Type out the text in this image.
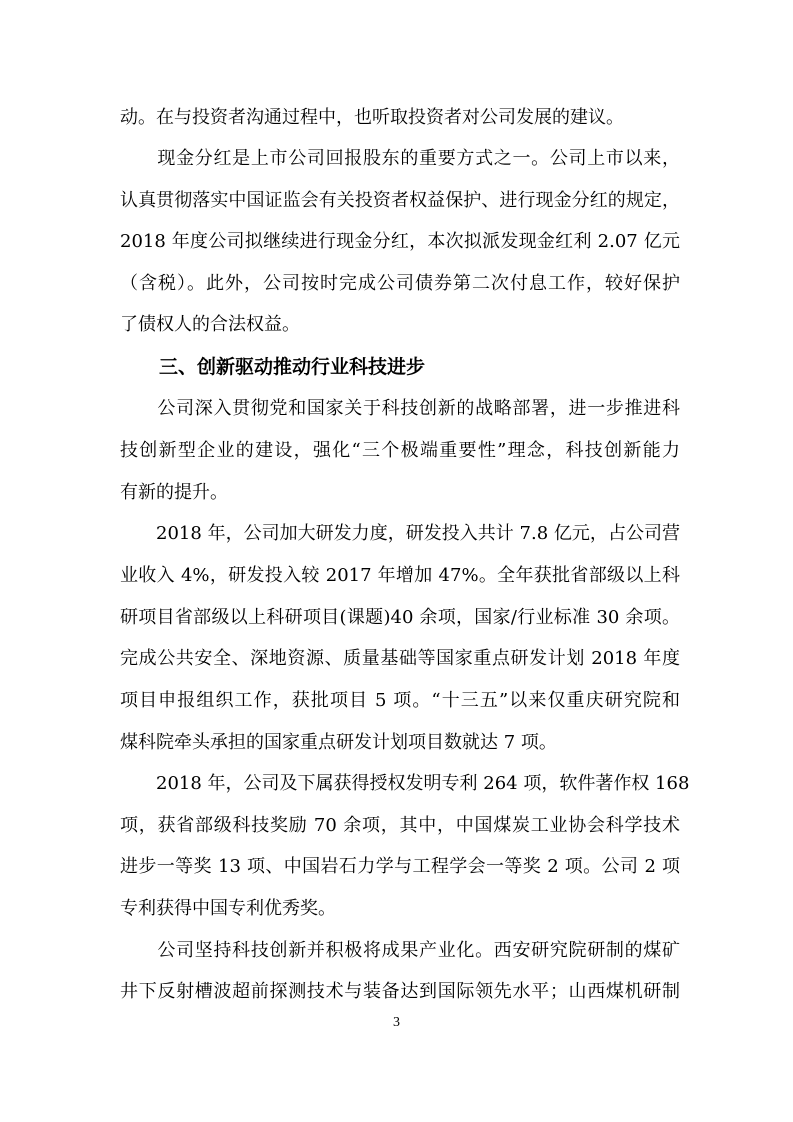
动。在与投资者沟通过程中，也听取投资者对公司发展的建议。
　　现金分红是上市公司回报股东的重要方式之一。公司上市以来，
认真贯彻落实中国证监会有关投资者权益保护、进行现金分红的规定，
2018 年度公司拟继续进行现金分红，本次拟派发现金红利 2.07 亿元
（含税）。此外，公司按时完成公司债券第二次付息工作，较好保护
了债权人的合法权益。
三、创新驱动推动行业科技进步
　　公司深入贯彻党和国家关于科技创新的战略部署，进一步推进科
技创新型企业的建设，强化“三个极端重要性”理念，科技创新能力
有新的提升。
　　2018 年，公司加大研发力度，研发投入共计 7.8 亿元，占公司营
业收入 4%，研发投入较 2017 年增加 47%。全年获批省部级以上科
研项目省部级以上科研项目(课题)40 余项，国家/行业标准 30 余项。
完成公共安全、深地资源、质量基础等国家重点研发计划 2018 年度
项目申报组织工作，获批项目 5 项。“十三五”以来仅重庆研究院和
煤科院牵头承担的国家重点研发计划项目数就达 7 项。
　　2018 年，公司及下属获得授权发明专利 264 项，软件著作权 168
项，获省部级科技奖励 70 余项，其中，中国煤炭工业协会科学技术
进步一等奖 13 项、中国岩石力学与工程学会一等奖 2 项。公司 2 项
专利获得中国专利优秀奖。
　　公司坚持科技创新并积极将成果产业化。西安研究院研制的煤矿
井下反射槽波超前探测技术与装备达到国际领先水平；山西煤机研制
3
